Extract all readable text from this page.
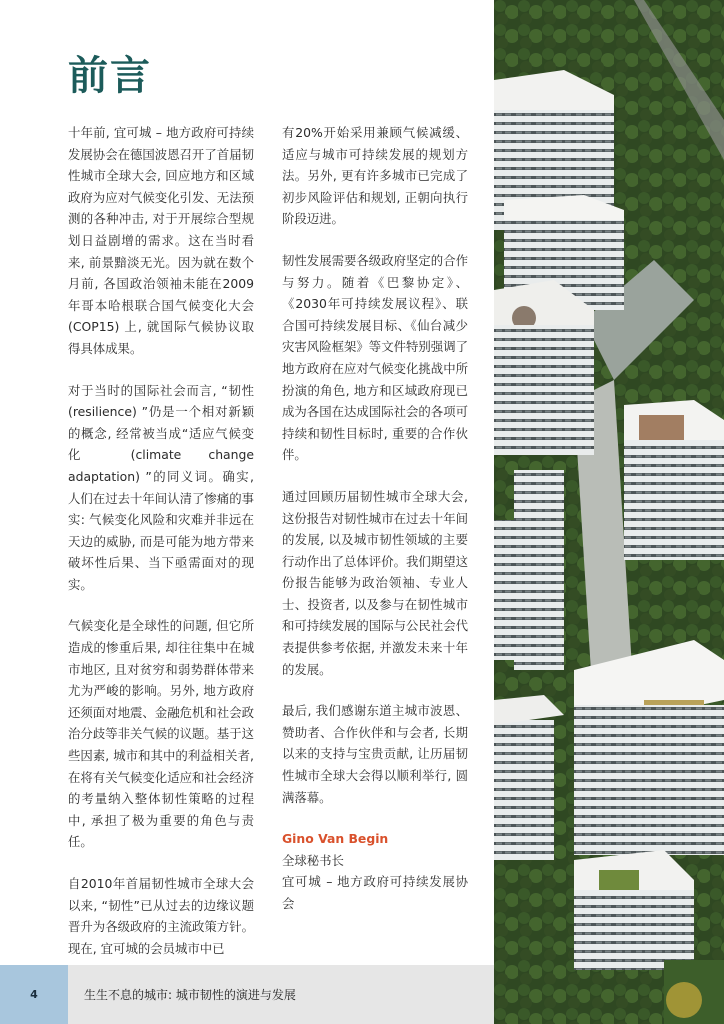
前言

十年前, 宜可城 – 地方政府可持续发展协会在德国波恩召开了首届韧性城市全球大会, 回应地方和区域政府为应对气候变化引发、无法预测的各种冲击, 对于开展综合型规划日益剧增的需求。这在当时看来, 前景黯淡无光。因为就在数个月前, 各国政治领袖未能在2009年哥本哈根联合国气候变化大会 (COP15) 上, 就国际气候协议取得具体成果。

对于当时的国际社会而言, “韧性 (resilience) ”仍是一个相对新颖的概念, 经常被当成“适应气候变化 (climate change adaptation) ”的同义词。确实, 人们在过去十年间认清了惨痛的事实: 气候变化风险和灾难并非远在天边的威胁, 而是可能为地方带来破坏性后果、当下亟需面对的现实。

气候变化是全球性的问题, 但它所造成的惨重后果, 却往往集中在城市地区, 且对贫穷和弱势群体带来尤为严峻的影响。另外, 地方政府还须面对地震、金融危机和社会政治分歧等非关气候的议题。基于这些因素, 城市和其中的利益相关者, 在将有关气候变化适应和社会经济的考量纳入整体韧性策略的过程中, 承担了极为重要的角色与责任。

自2010年首届韧性城市全球大会以来, “韧性”已从过去的边缘议题晋升为各级政府的主流政策方针。现在, 宜可城的会员城市中已

有20%开始采用兼顾气候减缓、适应与城市可持续发展的规划方法。另外, 更有许多城市已完成了初步风险评估和规划, 正朝向执行阶段迈进。

韧性发展需要各级政府坚定的合作与努力。随着《巴黎协定》、《2030年可持续发展议程》、联合国可持续发展目标、《仙台减少灾害风险框架》等文件特别强调了地方政府在应对气候变化挑战中所扮演的角色, 地方和区域政府现已成为各国在达成国际社会的各项可持续和韧性目标时, 重要的合作伙伴。

通过回顾历届韧性城市全球大会, 这份报告对韧性城市在过去十年间的发展, 以及城市韧性领域的主要行动作出了总体评价。我们期望这份报告能够为政治领袖、专业人士、投资者, 以及参与在韧性城市和可持续发展的国际与公民社会代表提供参考依据, 并激发未来十年的发展。

最后, 我们感谢东道主城市波恩、赞助者、合作伙伴和与会者, 长期以来的支持与宝贵贡献, 让历届韧性城市全球大会得以顺利举行, 圆满落幕。

Gino Van Begin
全球秘书长
宜可城 – 地方政府可持续发展协会
4	生生不息的城市: 城市韧性的演进与发展
